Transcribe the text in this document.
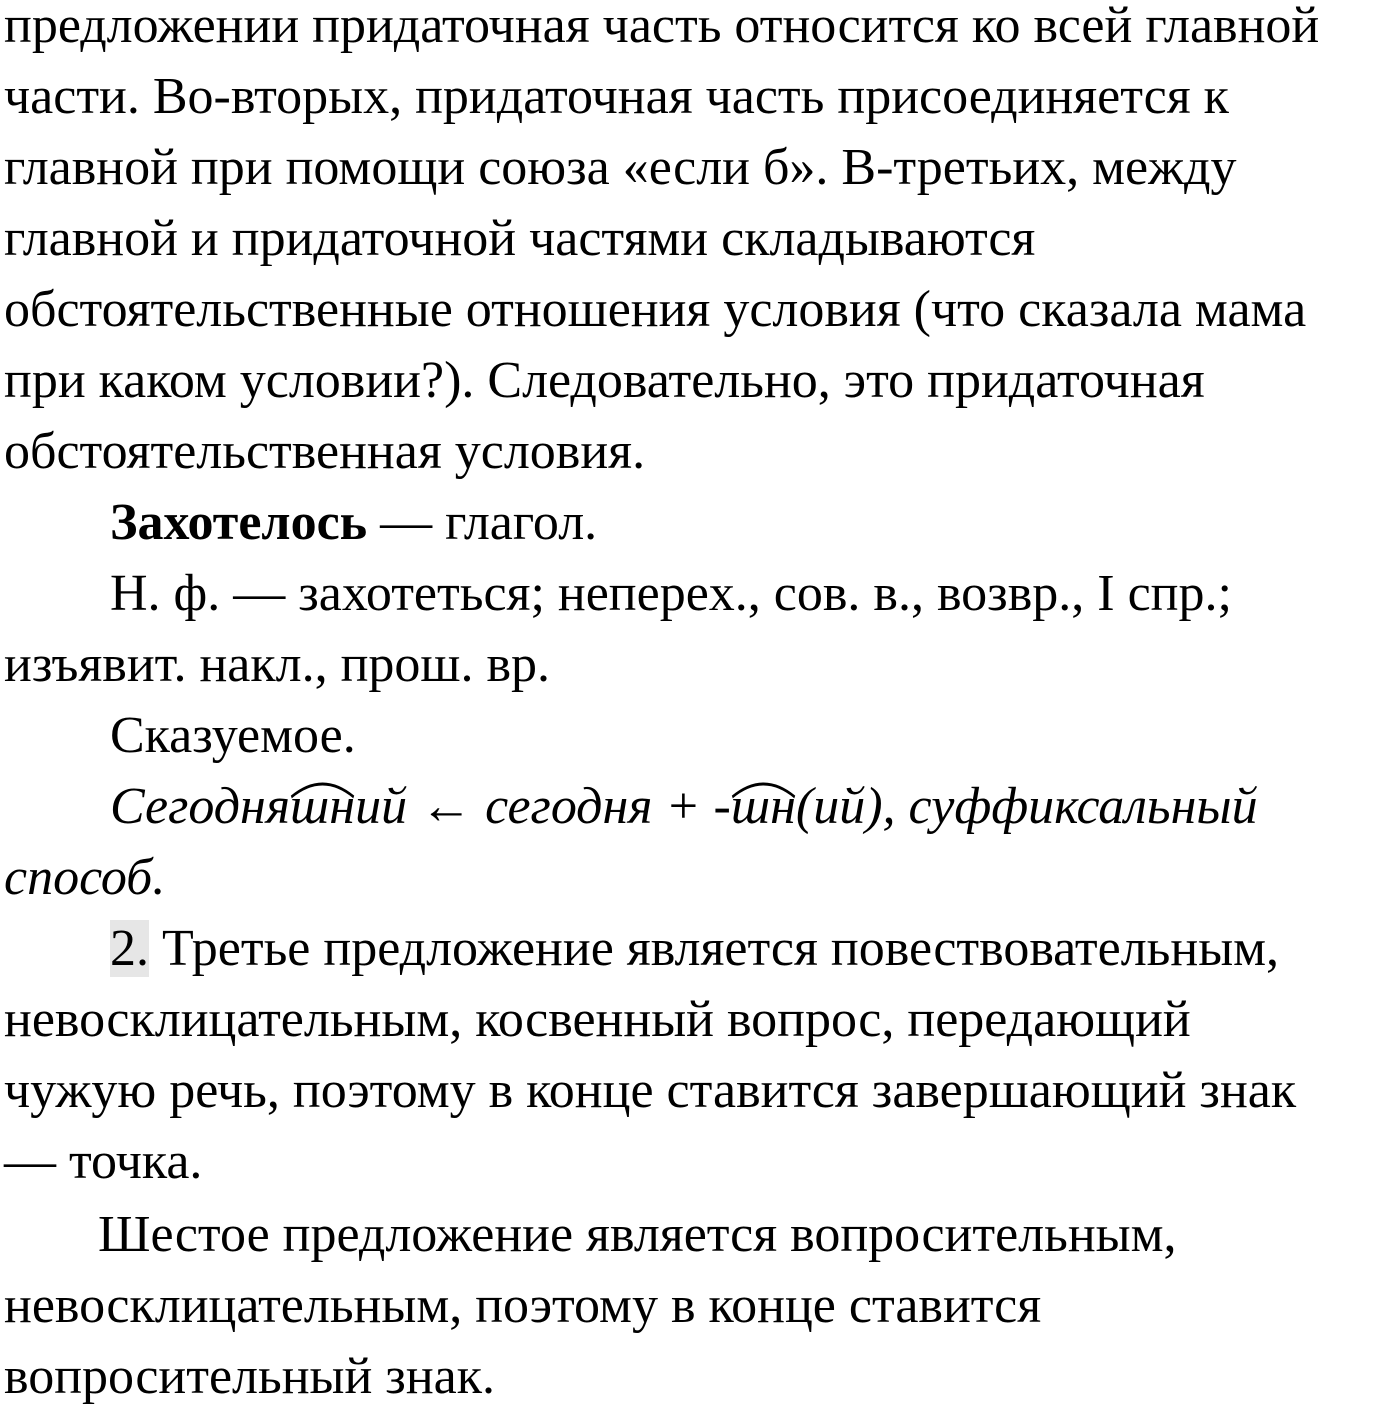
предложении придаточная часть относится ко всей главной
части. Во-вторых, придаточная часть присоединяется к
главной при помощи союза «если б». В-третьих, между
главной и придаточной частями складываются
обстоятельственные отношения условия (что сказала мама
при каком условии?). Следовательно, это придаточная
обстоятельственная условия.
Захотелось — глагол.
Н. ф. — захотеться; непереx., сов. в., возвр., I спр.;
изъявит. накл., прош. вр.
Сказуемое.
Сегодня
шний ← сегодня + -
шн(ий), суффиксальный
способ.
2. Третье предложение является повествовательным,
невосклицательным, косвенный вопрос, передающий
чужую речь, поэтому в конце ставится завершающий знак
— точка.
Шестое предложение является вопросительным,
невосклицательным, поэтому в конце ставится
вопросительный знак.
